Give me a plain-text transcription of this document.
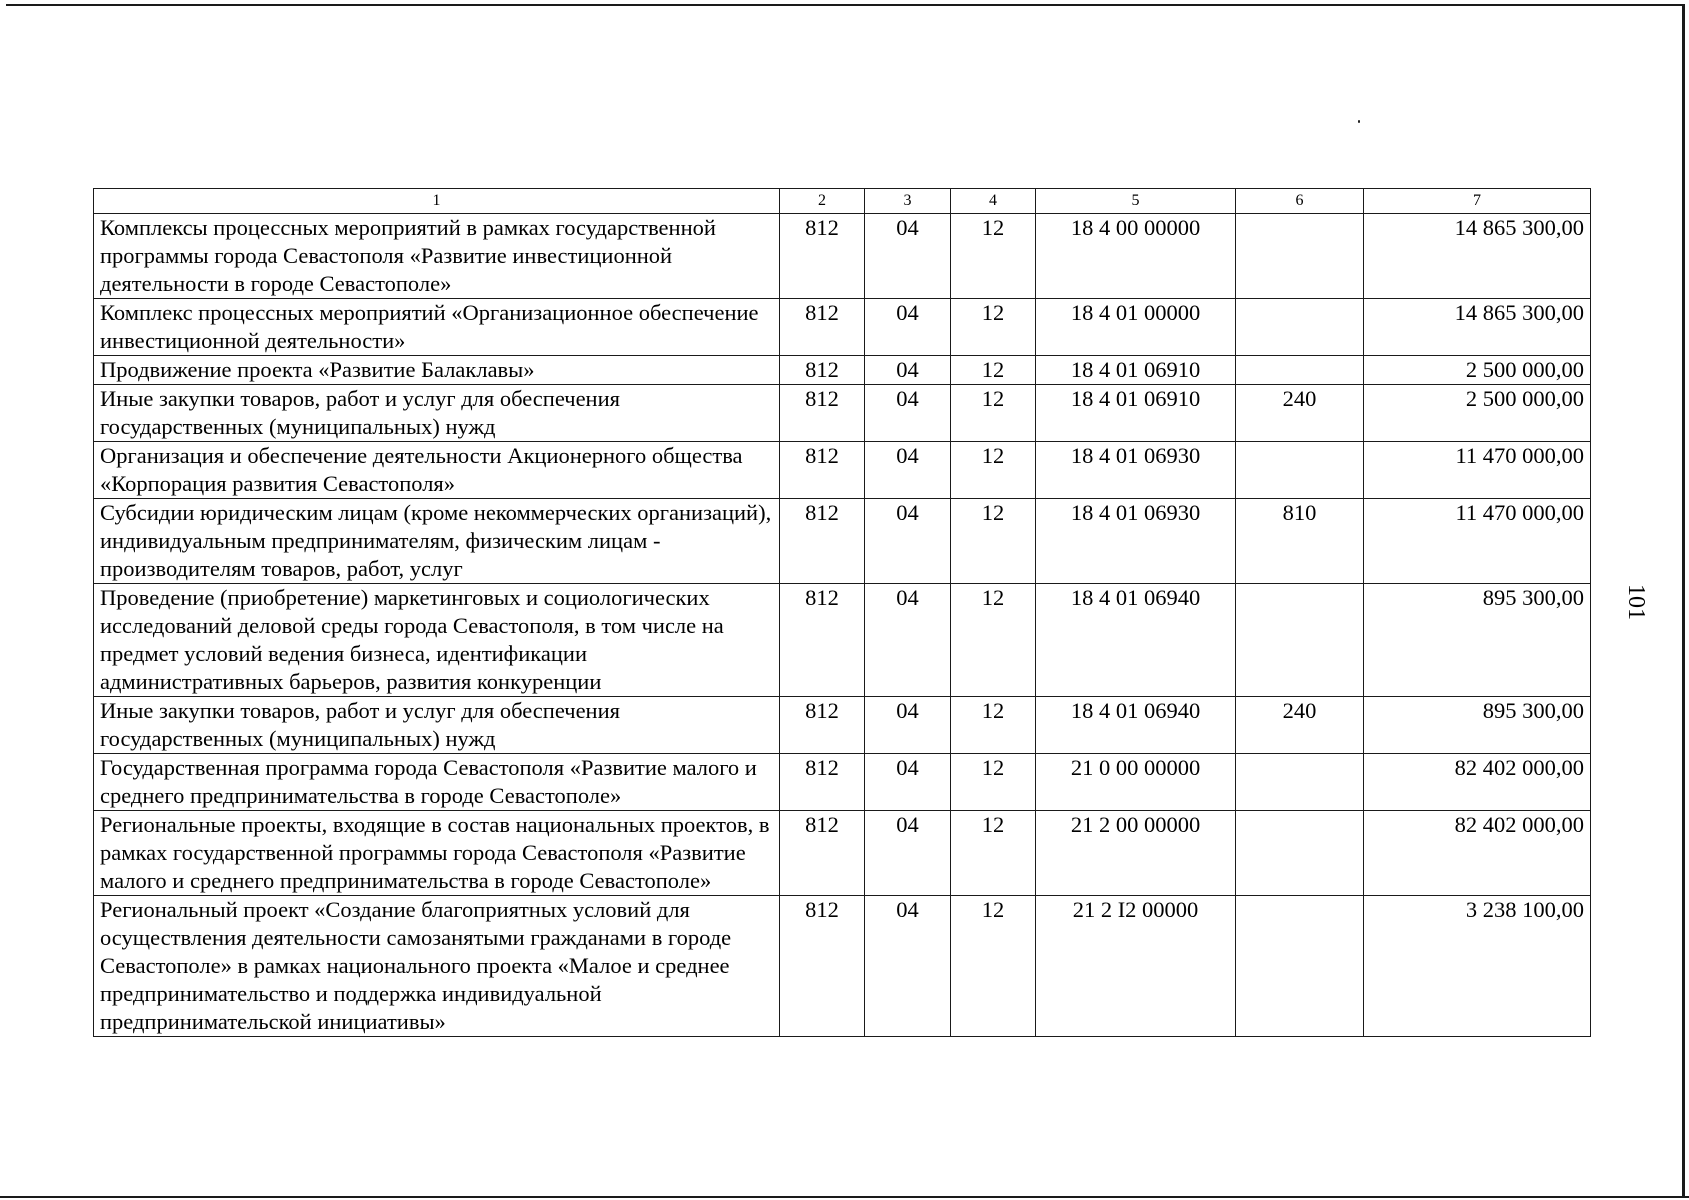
101
1	2	3	4	5	6	7
Комплексы процессных мероприятий в рамках государственной программы города Севастополя «Развитие инвестиционной деятельности в городе Севастополе»	812	04	12	18 4 00 00000		14 865 300,00
Комплекс процессных мероприятий «Организационное обеспечение инвестиционной деятельности»	812	04	12	18 4 01 00000		14 865 300,00
Продвижение проекта «Развитие Балаклавы»	812	04	12	18 4 01 06910		2 500 000,00
Иные закупки товаров, работ и услуг для обеспечения государственных (муниципальных) нужд	812	04	12	18 4 01 06910	240	2 500 000,00
Организация и обеспечение деятельности Акционерного общества «Корпорация развития Севастополя»	812	04	12	18 4 01 06930		11 470 000,00
Субсидии юридическим лицам (кроме некоммерческих организаций), индивидуальным предпринимателям, физическим лицам - производителям товаров, работ, услуг	812	04	12	18 4 01 06930	810	11 470 000,00
Проведение (приобретение) маркетинговых и социологических исследований деловой среды города Севастополя, в том числе на предмет условий ведения бизнеса, идентификации административных барьеров, развития конкуренции	812	04	12	18 4 01 06940		895 300,00
Иные закупки товаров, работ и услуг для обеспечения государственных (муниципальных) нужд	812	04	12	18 4 01 06940	240	895 300,00
Государственная программа города Севастополя «Развитие малого и среднего предпринимательства в городе Севастополе»	812	04	12	21 0 00 00000		82 402 000,00
Региональные проекты, входящие в состав национальных проектов, в рамках государственной программы города Севастополя «Развитие малого и среднего предпринимательства в городе Севастополе»	812	04	12	21 2 00 00000		82 402 000,00
Региональный проект «Создание благоприятных условий для осуществления деятельности самозанятыми гражданами в городе Севастополе» в рамках национального проекта «Малое и среднее предпринимательство и поддержка индивидуальной предпринимательской инициативы»	812	04	12	21 2 I2 00000		3 238 100,00
